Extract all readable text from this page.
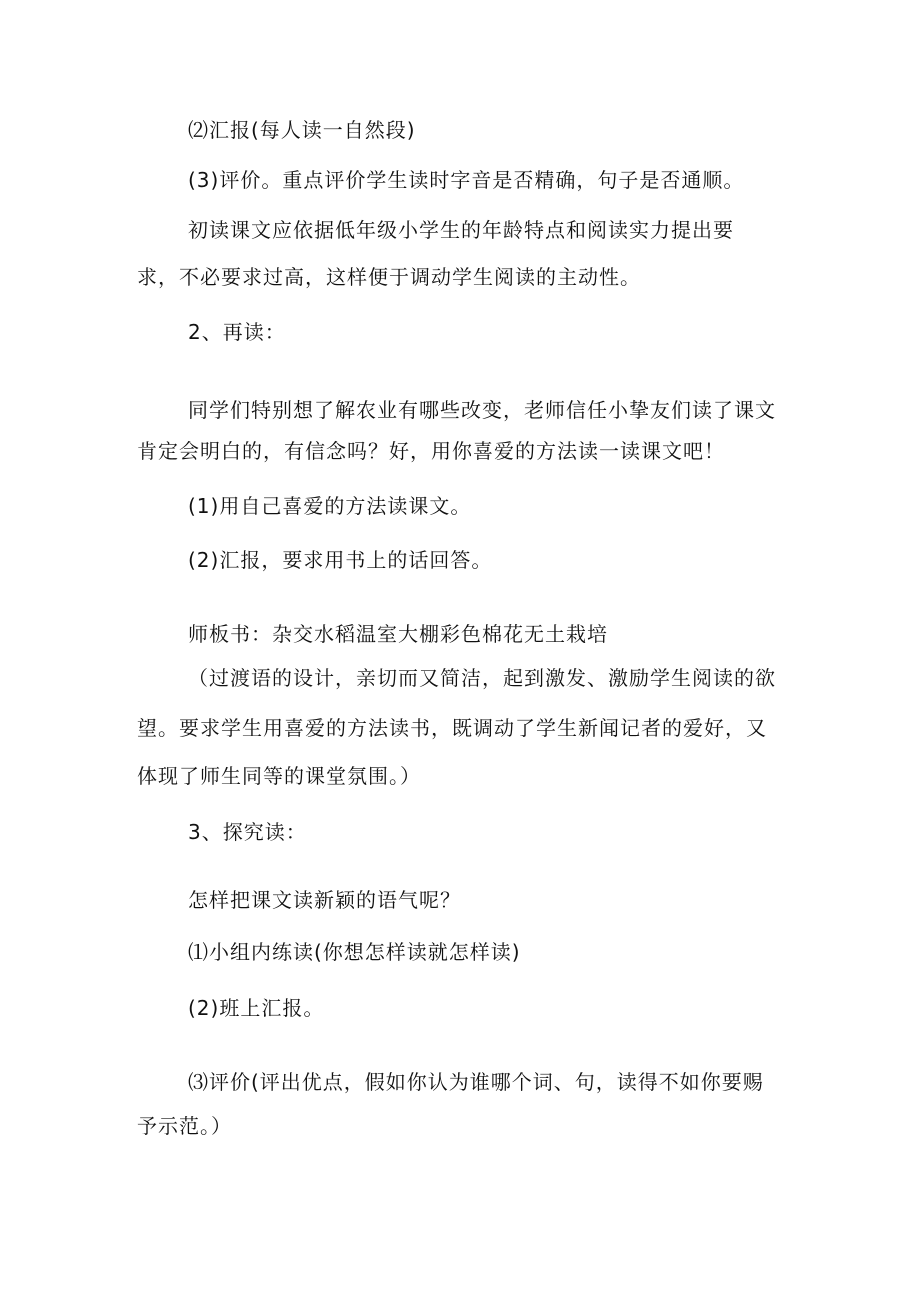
⑵汇报(每人读一自然段)
(3)评价。重点评价学生读时字音是否精确，句子是否通顺。
初读课文应依据低年级小学生的年龄特点和阅读实力提出要
求，不必要求过高，这样便于调动学生阅读的主动性。
2、再读：
同学们特别想了解农业有哪些改变，老师信任小挚友们读了课文
肯定会明白的，有信念吗？好，用你喜爱的方法读一读课文吧！
(1)用自己喜爱的方法读课文。
(2)汇报，要求用书上的话回答。
师板书：杂交水稻温室大棚彩色棉花无土栽培
（过渡语的设计，亲切而又简洁，起到激发、激励学生阅读的欲
望。要求学生用喜爱的方法读书，既调动了学生新闻记者的爱好，又
体现了师生同等的课堂氛围。）
3、探究读：
怎样把课文读新颖的语气呢？
⑴小组内练读(你想怎样读就怎样读)
(2)班上汇报。
⑶评价(评出优点，假如你认为谁哪个词、句，读得不如你要赐
予示范。）
